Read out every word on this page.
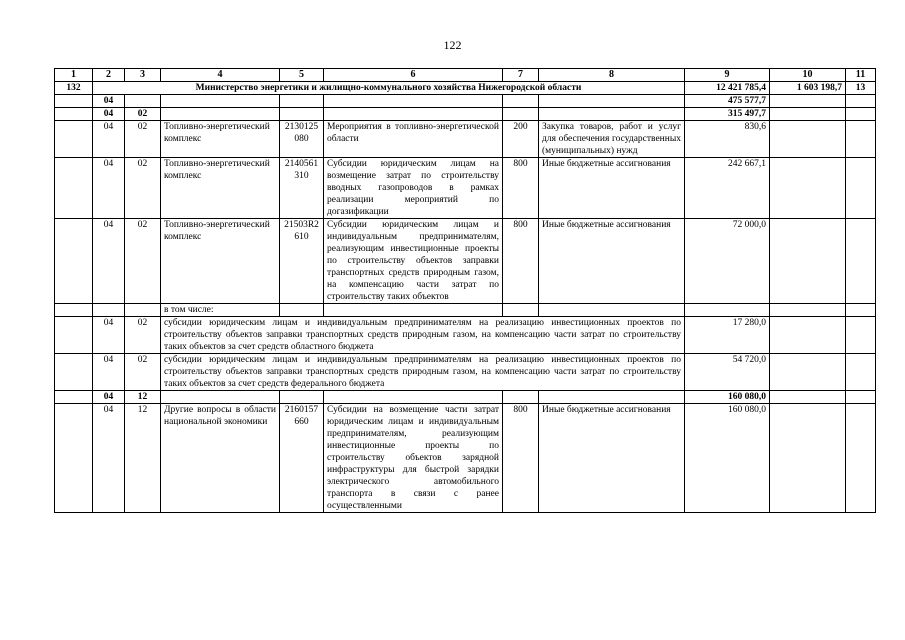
122
1	2	3	4	5	6	7	8	9	10	11
132	Министерство энергетики и жилищно-коммунального хозяйства Нижегородской области							12 421 785,4	1 603 198,7	13
	04							475 577,7		
	04	02						315 497,7		
	04	02	Топливно-энергетический комплекс	2130125080	Мероприятия в топливно-энергетической области	200	Закупка товаров, работ и услуг для обеспечения государственных (муниципальных) нужд	830,6		
	04	02	Топливно-энергетический комплекс	2140561310	Субсидии юридическим лицам на возмещение затрат по строительству вводных газопроводов в рамках реализации мероприятий по догазификации	800	Иные бюджетные ассигнования	242 667,1		
	04	02	Топливно-энергетический комплекс	21503R2610	Субсидии юридическим лицам и индивидуальным предпринимателям, реализующим инвестиционные проекты по строительству объектов заправки транспортных средств природным газом, на компенсацию части затрат по строительству таких объектов	800	Иные бюджетные ассигнования	72 000,0		
			в том числе:							
	04	02	субсидии юридическим лицам и индивидуальным предпринимателям на реализацию инвестиционных проектов по строительству объектов заправки транспортных средств природным газом, на компенсацию части затрат по строительству таких объектов за счет средств областного бюджета					17 280,0		
	04	02	субсидии юридическим лицам и индивидуальным предпринимателям на реализацию инвестиционных проектов по строительству объектов заправки транспортных средств природным газом, на компенсацию части затрат по строительству таких объектов за счет средств федерального бюджета					54 720,0		
	04	12						160 080,0		
	04	12	Другие вопросы в области национальной экономики	2160157660	Субсидии на возмещение части затрат юридическим лицам и индивидуальным предпринимателям, реализующим инвестиционные проекты по строительству объектов зарядной инфраструктуры для быстрой зарядки электрического автомобильного транспорта в связи с ранее осуществленными	800	Иные бюджетные ассигнования	160 080,0		
